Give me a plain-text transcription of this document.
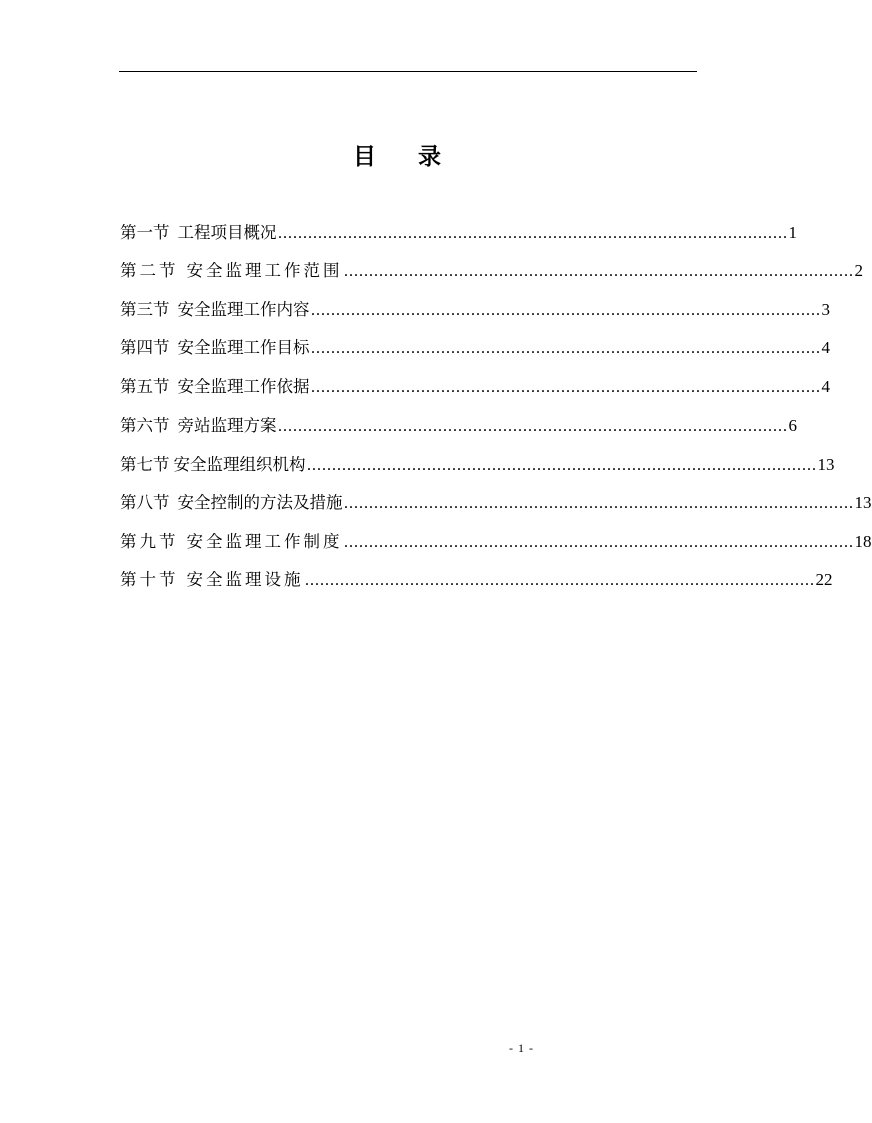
目 录
第一节 工程项目概况 ………………………………………………………………………………………… 1
第二节 安全监理工作范围 ………………………………………………………………………………………… 2
第三节 安全监理工作内容 ………………………………………………………………………………………… 3
第四节 安全监理工作目标 ………………………………………………………………………………………… 4
第五节 安全监理工作依据 ………………………………………………………………………………………… 4
第六节 旁站监理方案 ………………………………………………………………………………………… 6
第七节 安全监理组织机构 ………………………………………………………………………………………… 13
第八节 安全控制的方法及措施 ………………………………………………………………………………………… 13
第九节 安全监理工作制度 ………………………………………………………………………………………… 18
第十节 安全监理设施 ………………………………………………………………………………………… 22
- 1 -
